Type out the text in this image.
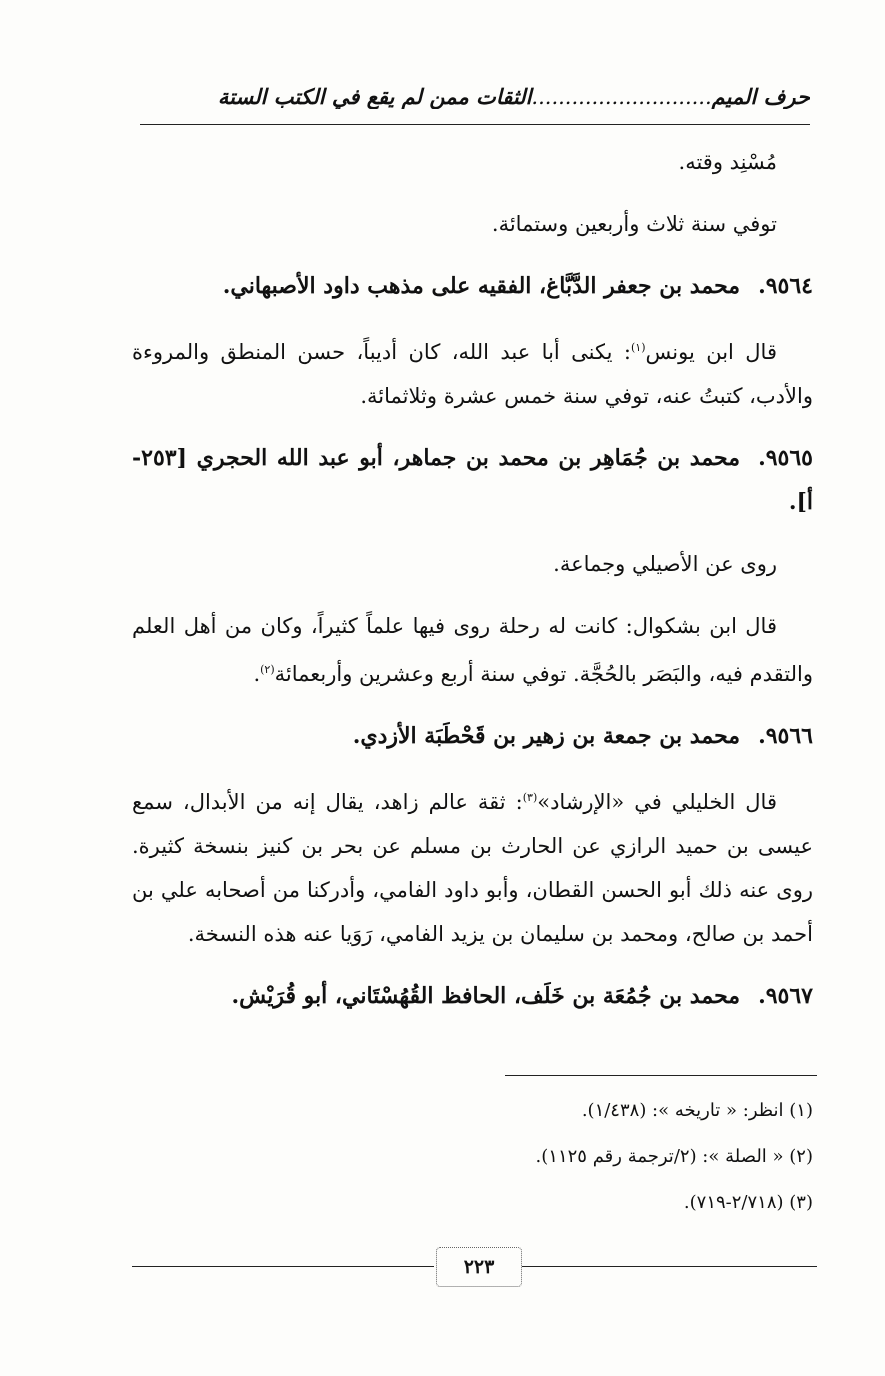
حرف الميم...........................الثقات ممن لم يقع في الكتب الستة

مُسْنِد وقته.

توفي سنة ثلاث وأربعين وستمائة.

٩٥٦٤.محمد بن جعفر الدَّبَّاغ، الفقيه على مذهب داود الأصبهاني.

قال ابن يونس$^{(١)}$: يكنى أبا عبد الله، كان أديباً، حسن المنطق والمروءة والأدب، كتبتُ عنه، توفي سنة خمس عشرة وثلاثمائة.

٩٥٦٥.محمد بن جُمَاهِر بن محمد بن جماهر، أبو عبد الله الحجري [٢٥٣-أ].

روى عن الأصيلي وجماعة.

قال ابن بشكوال: كانت له رحلة روى فيها علماً كثيراً، وكان من أهل العلم والتقدم فيه، والبَصَر بالحُجَّة. توفي سنة أربع وعشرين وأربعمائة$^{(٢)}$.

٩٥٦٦.محمد بن جمعة بن زهير بن قَحْطَبَة الأزدي.

قال الخليلي في «الإرشاد»$^{(٣)}$: ثقة عالم زاهد، يقال إنه من الأبدال، سمع عيسى بن حميد الرازي عن الحارث بن مسلم عن بحر بن كنيز بنسخة كثيرة. روى عنه ذلك أبو الحسن القطان، وأبو داود الفامي، وأدركنا من أصحابه علي بن أحمد بن صالح، ومحمد بن سليمان بن يزيد الفامي، رَوَيا عنه هذه النسخة.

٩٥٦٧.محمد بن جُمُعَة بن خَلَف، الحافظ القُهُسْتَاني، أبو قُرَيْش.

(١) انظر: « تاريخه »: (١/٤٣٨).
(٢) « الصلة »: (٢/ترجمة رقم ١١٢٥).
(٣) (٢/٧١٨-٧١٩).
٢٢٣
